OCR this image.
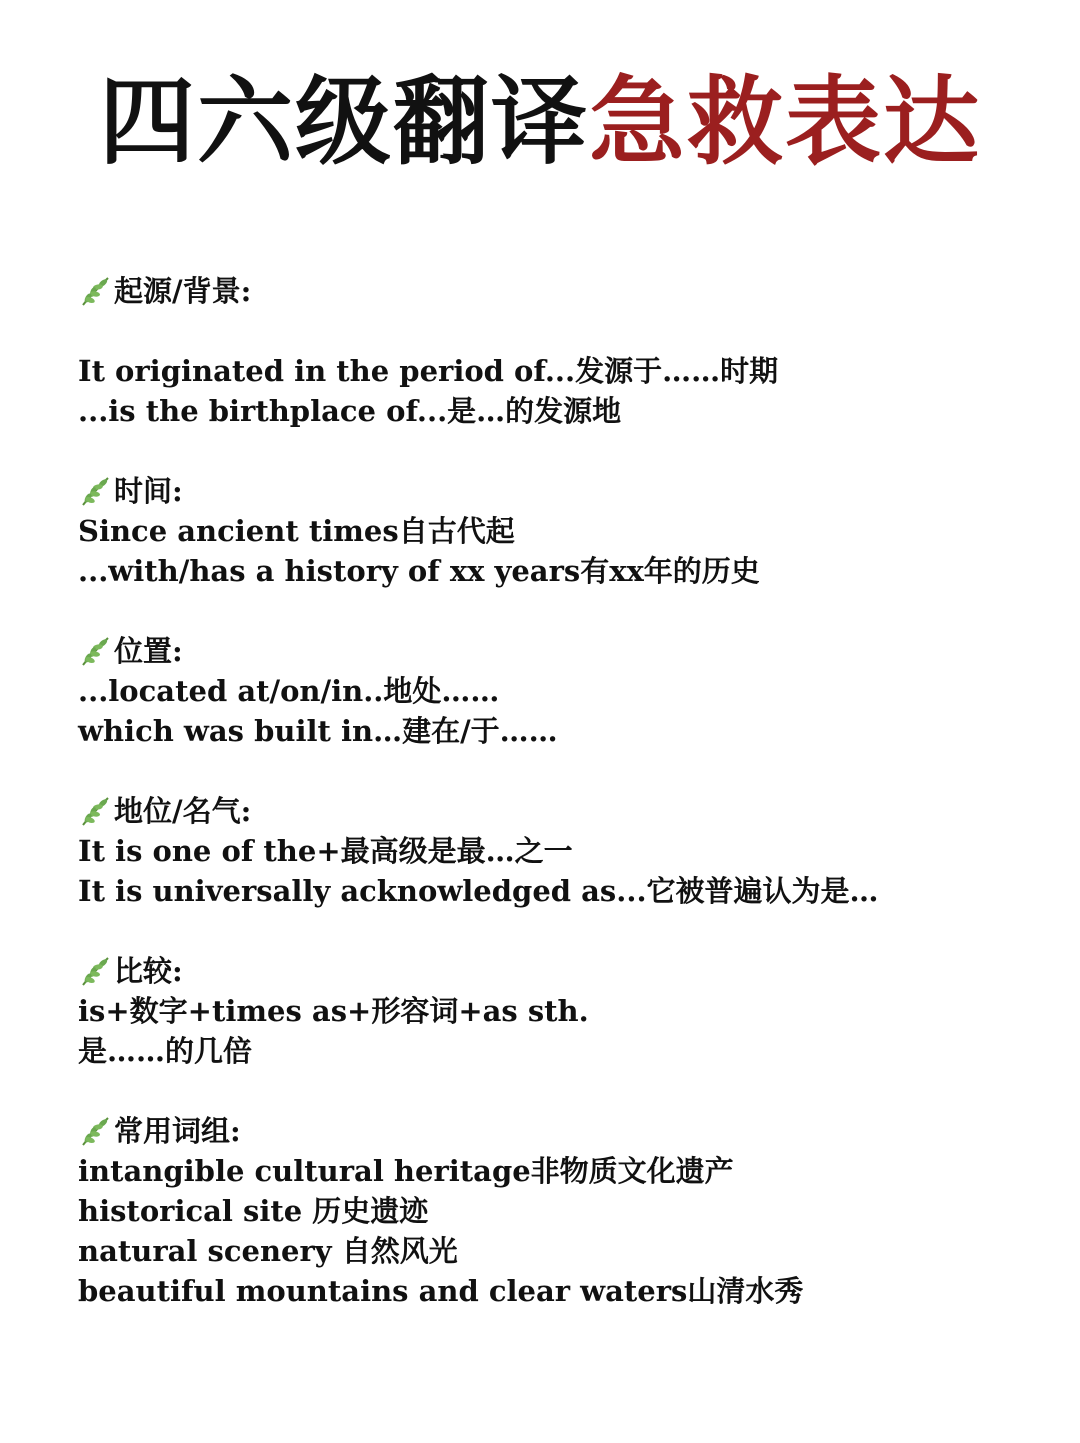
四六级翻译急救表达
起源/背景:
It originated in the period of...发源于……时期
...is the birthplace of...是…的发源地
时间:
Since ancient times自古代起
...with/has a history of xx years有xx年的历史
位置:
...located at/on/in..地处……
which was built in…建在/于……
地位/名气:
It is one of the+最高级是最…之一
It is universally acknowledged as...它被普遍认为是…
比较:
is+数字+times as+形容词+as sth.
是……的几倍
常用词组:
intangible cultural heritage非物质文化遗产
historical site 历史遗迹
natural scenery 自然风光
beautiful mountains and clear waters山清水秀
